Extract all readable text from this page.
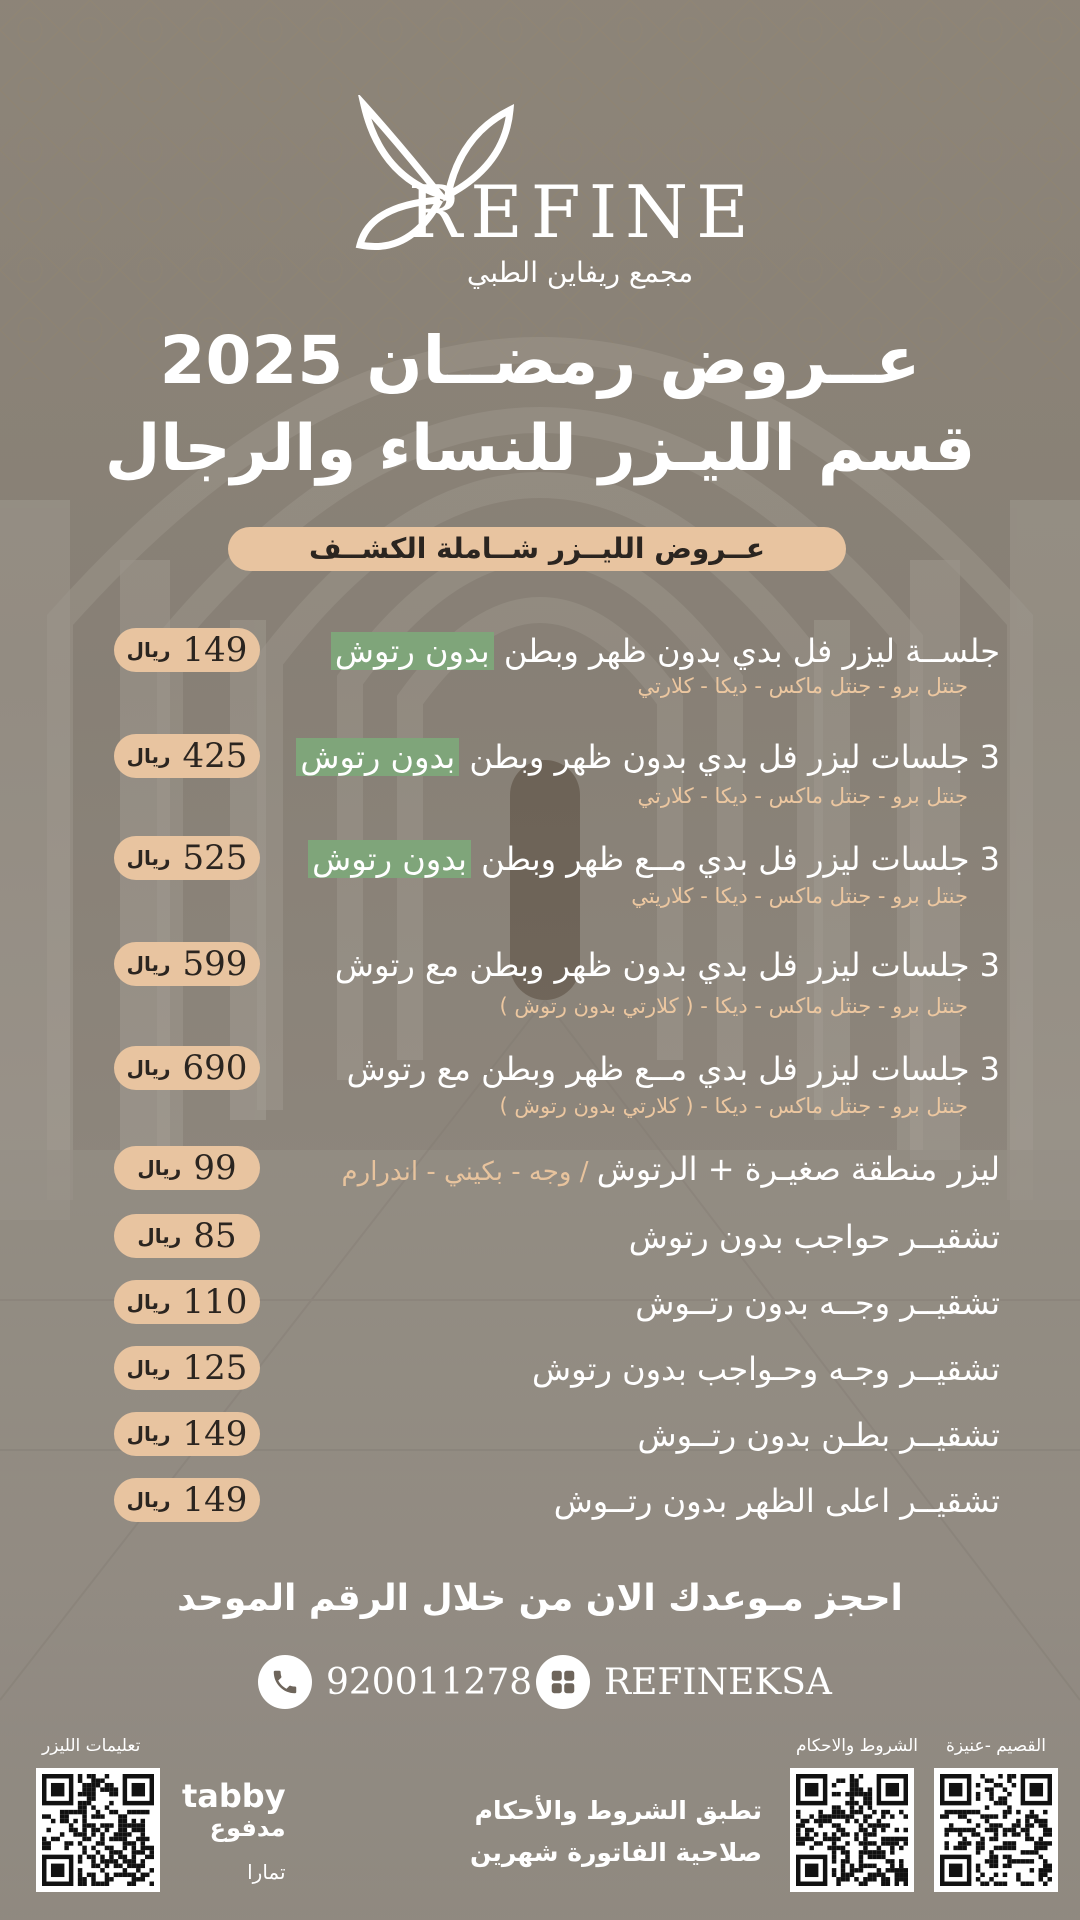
REFINE
مجمع ريفاين الطبي
عــروض رمضــان 2025
قسم الليـزر للنساء والرجال
عــروض الليــزر شــاملة الكشــف
جلســة ليزر فل بدي بدون ظهر وبطن بدون رتوش
جنتل برو - جنتل ماكس - ديكا - كلارتي
ريال 149
3 جلسات ليزر فل بدي بدون ظهر وبطن بدون رتوش
جنتل برو - جنتل ماكس - ديكا - كلارتي
ريال 425
3 جلسات ليزر فل بدي مــع ظهر وبطن بدون رتوش
جنتل برو - جنتل ماكس - ديكا - كلاريتي
ريال 525
3 جلسات ليزر فل بدي بدون ظهر وبطن مع رتوش
جنتل برو - جنتل ماكس - ديكا - ( كلارتي بدون رتوش )
ريال 599
3 جلسات ليزر فل بدي مــع ظهر وبطن مع رتوش
جنتل برو - جنتل ماكس - ديكا - ( كلارتي بدون رتوش )
ريال 690
ليزر منطقة صغيـرة + الرتوش / وجه - بكيني - اندرارم
ريال 99
تشقيــر حواجب بدون رتوش
ريال 85
تشقيــر وجــه بدون رتــوش
ريال 110
تشقيــر وجـه وحـواجب بدون رتوش
ريال 125
تشقيــر بطـن بدون رتــوش
ريال 149
تشقيــر اعلى الظهر بدون رتــوش
ريال 149
احجز مـوعدك الان من خلال الرقم الموحد
920011278 REFINEKSA
القصيم -عنيزة
الشروط والاحكام
تعليمات الليزر
تطبق الشروط والأحكام
صلاحية الفاتورة شهرين
tabby
مدفوع
تمارا
